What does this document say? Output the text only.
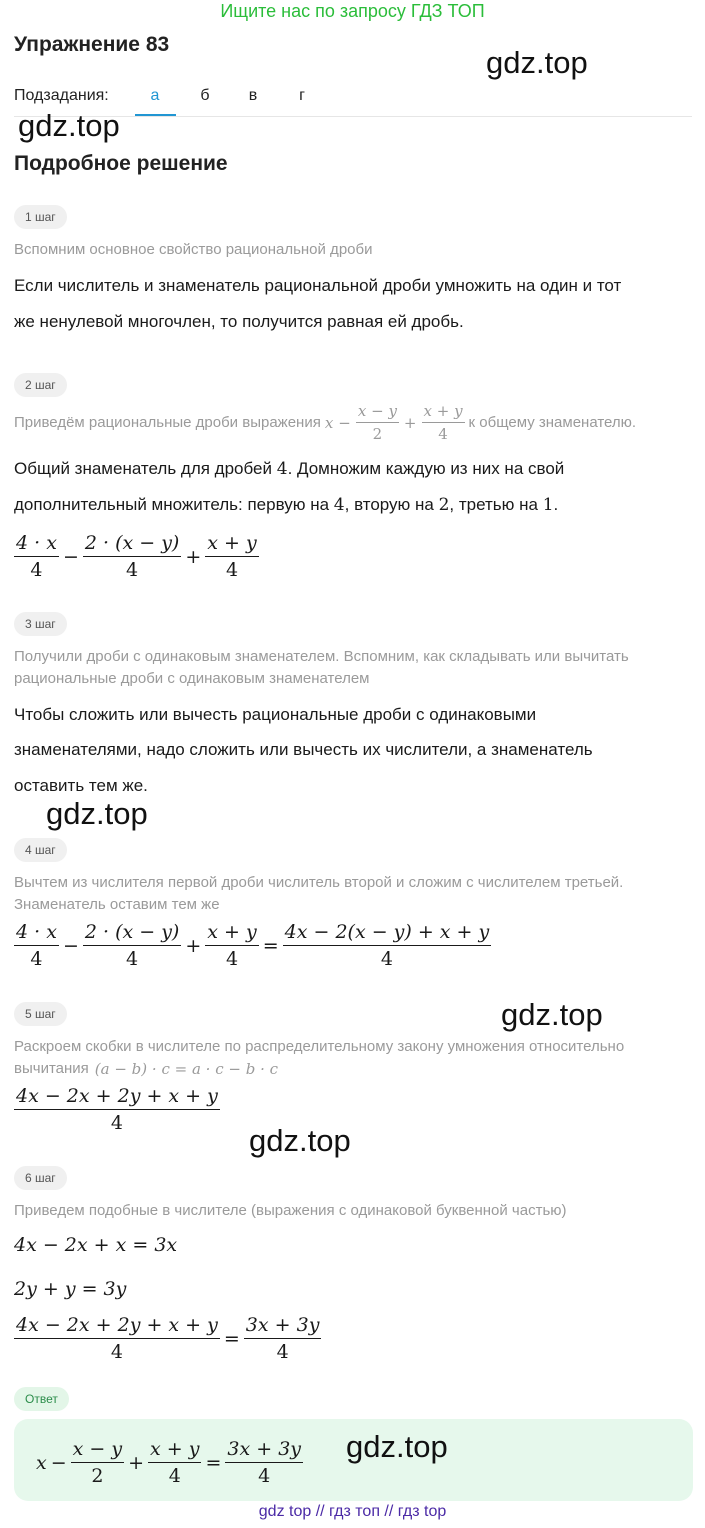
Ищите нас по запросу ГДЗ ТОП
Упражнение 83
gdz.top
Подзадания:	а	б	в	г
gdz.top
Подробное решение
1 шаг
Вспомним основное свойство рациональной дроби
Если числитель и знаменатель рациональной дроби умножить на один и тот
же ненулевой многочлен, то получится равная ей дробь.
2 шаг
Приведём рациональные дроби выражения $x - \frac{x - y}{2} + \frac{x + y}{4}$ к общему знаменателю.
Общий знаменатель для дробей 4. Домножим каждую из них на свой
дополнительный множитель: первую на 4, вторую на 2, третью на 1.
$\frac{4 \cdot x}{4} - \frac{2 \cdot (x - y)}{4} + \frac{x + y}{4}$
3 шаг
Получили дроби с одинаковым знаменателем. Вспомним, как складывать или вычитать
рациональные дроби с одинаковым знаменателем
Чтобы сложить или вычесть рациональные дроби с одинаковыми
знаменателями, надо сложить или вычесть их числители, а знаменатель
оставить тем же.
gdz.top
4 шаг
Вычтем из числителя первой дроби числитель второй и сложим с числителем третьей.
Знаменатель оставим тем же
$\frac{4 \cdot x}{4} - \frac{2 \cdot (x - y)}{4} + \frac{x + y}{4} = \frac{4x - 2(x - y) + x + y}{4}$
gdz.top
5 шаг
Раскроем скобки в числителе по распределительному закону умножения относительно
вычитания (a − b) · c = a · c − b · c
$\frac{4x - 2x + 2y + x + y}{4}$
gdz.top
6 шаг
Приведем подобные в числителе (выражения с одинаковой буквенной частью)
4x − 2x + x = 3x
2y + y = 3y
$\frac{4x - 2x + 2y + x + y}{4} = \frac{3x + 3y}{4}$
Ответ
$x - \frac{x - y}{2} + \frac{x + y}{4} = \frac{3x + 3y}{4} gdz.top$
gdz top // гдз топ // гдз top
